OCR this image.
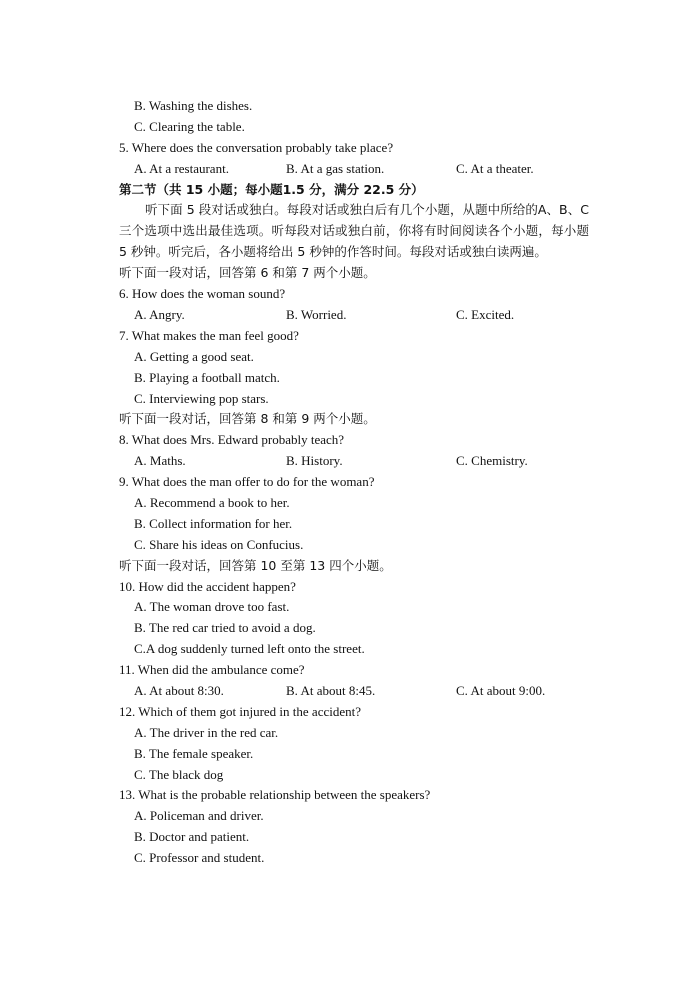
B. Washing the dishes.
C. Clearing the table.
5. Where does the conversation probably take place?
A. At a restaurant.	B. At a gas station.	C. At a theater.
第二节（共 15 小题；每小题1.5 分，满分 22.5 分）
听下面 5 段对话或独白。每段对话或独白后有几个小题，从题中所给的A、B、C 三个选项中选出最佳选项。听每段对话或独白前，你将有时间阅读各个小题，每小题 5 秒钟。听完后，各小题将给出 5 秒钟的作答时间。每段对话或独白读两遍。
听下面一段对话，回答第 6 和第 7 两个小题。
6. How does the woman sound?
A. Angry.	B. Worried.	C. Excited.
7. What makes the man feel good?
A. Getting a good seat.
B. Playing a football match.
C. Interviewing pop stars.
听下面一段对话，回答第 8 和第 9 两个小题。
8. What does Mrs. Edward probably teach?
A. Maths.	B. History.	C. Chemistry.
9. What does the man offer to do for the woman?
A. Recommend a book to her.
B. Collect information for her.
C. Share his ideas on Confucius.
听下面一段对话，回答第 10 至第 13 四个小题。
10. How did the accident happen?
A. The woman drove too fast.
B. The red car tried to avoid a dog.
C.A dog suddenly turned left onto the street.
11. When did the ambulance come?
A. At about 8:30.	B. At about 8:45.	C. At about 9:00.
12. Which of them got injured in the accident?
A. The driver in the red car.
B. The female speaker.
C. The black dog
13. What is the probable relationship between the speakers?
A. Policeman and driver.
B. Doctor and patient.
C. Professor and student.
